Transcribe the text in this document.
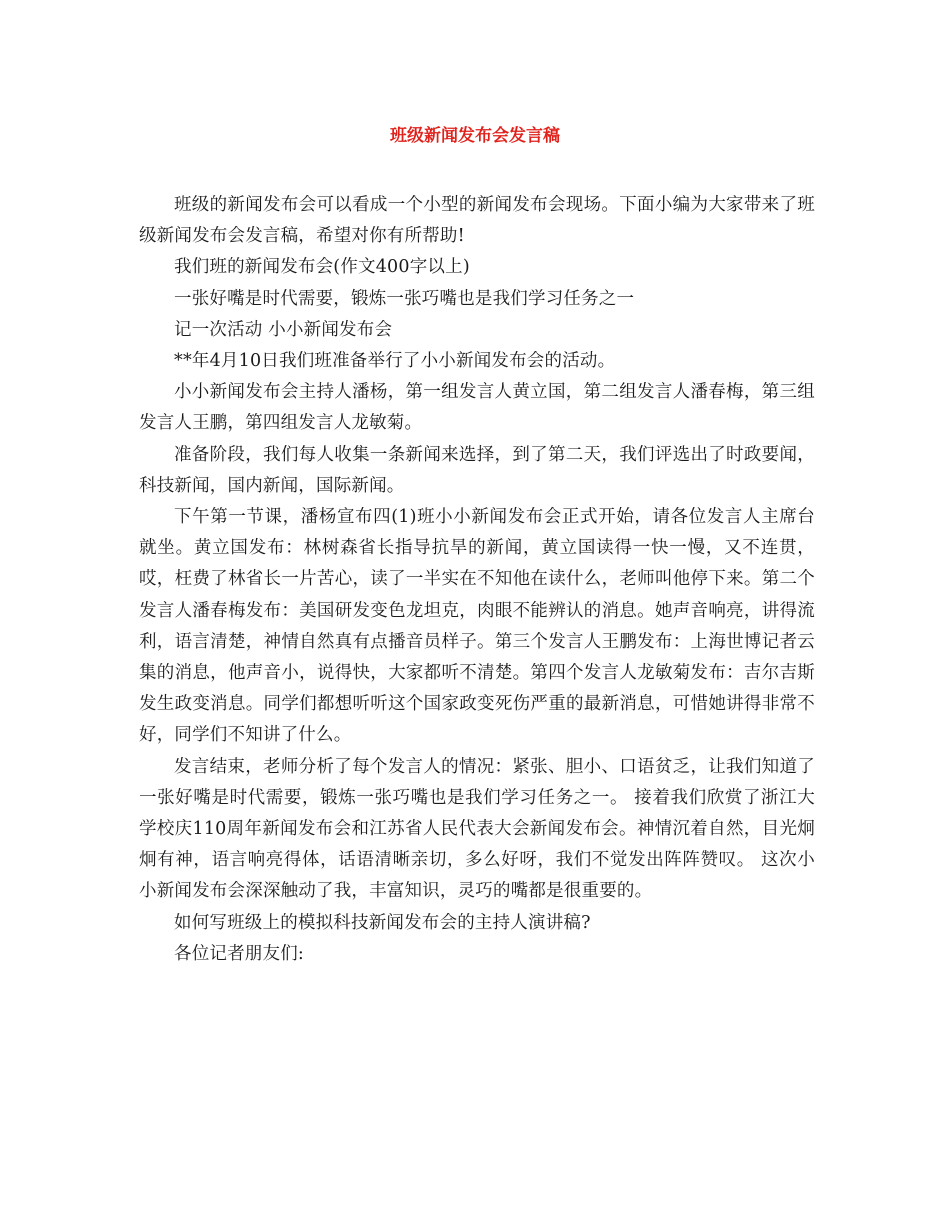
班级新闻发布会发言稿

班级的新闻发布会可以看成一个小型的新闻发布会现场。下面小编为大家带来了班级新闻发布会发言稿，希望对你有所帮助!

我们班的新闻发布会(作文400字以上)

一张好嘴是时代需要，锻炼一张巧嘴也是我们学习任务之一

记一次活动 小小新闻发布会

**年4月10日我们班准备举行了小小新闻发布会的活动。

小小新闻发布会主持人潘杨，第一组发言人黄立国，第二组发言人潘春梅，第三组发言人王鹏，第四组发言人龙敏菊。

准备阶段，我们每人收集一条新闻来选择，到了第二天，我们评选出了时政要闻，科技新闻，国内新闻，国际新闻。

下午第一节课，潘杨宣布四(1)班小小新闻发布会正式开始，请各位发言人主席台就坐。黄立国发布：林树森省长指导抗旱的新闻，黄立国读得一快一慢，又不连贯，哎，枉费了林省长一片苦心，读了一半实在不知他在读什么，老师叫他停下来。第二个发言人潘春梅发布：美国研发变色龙坦克，肉眼不能辨认的消息。她声音响亮，讲得流利，语言清楚，神情自然真有点播音员样子。第三个发言人王鹏发布：上海世博记者云集的消息，他声音小，说得快，大家都听不清楚。第四个发言人龙敏菊发布：吉尔吉斯发生政变消息。同学们都想听听这个国家政变死伤严重的最新消息，可惜她讲得非常不好，同学们不知讲了什么。

发言结束，老师分析了每个发言人的情况：紧张、胆小、口语贫乏，让我们知道了一张好嘴是时代需要，锻炼一张巧嘴也是我们学习任务之一。 接着我们欣赏了浙江大学校庆110周年新闻发布会和江苏省人民代表大会新闻发布会。神情沉着自然，目光炯炯有神，语言响亮得体，话语清晰亲切，多么好呀，我们不觉发出阵阵赞叹。 这次小小新闻发布会深深触动了我，丰富知识，灵巧的嘴都是很重要的。

如何写班级上的模拟科技新闻发布会的主持人演讲稿?

各位记者朋友们:
